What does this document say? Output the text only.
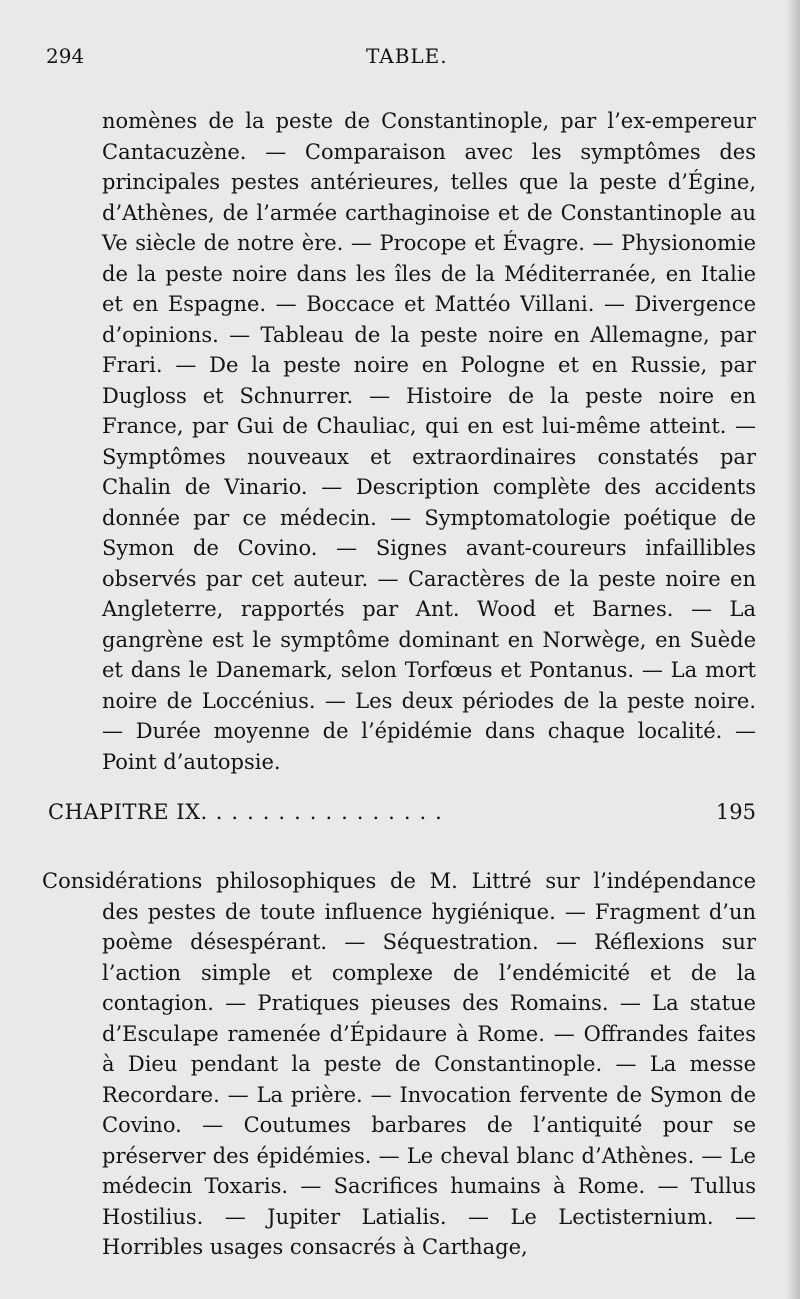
294	TABLE.

nomènes de la peste de Constantinople, par l’ex-empereur Cantacuzène. — Comparaison avec les symptômes des principales pestes antérieures, telles que la peste d’Égine, d’Athènes, de l’armée carthaginoise et de Constantinople au Ve siècle de notre ère. — Procope et Évagre. — Physionomie de la peste noire dans les îles de la Méditerranée, en Italie et en Espagne. — Boccace et Mattéo Villani. — Divergence d’opinions. — Tableau de la peste noire en Allemagne, par Frari. — De la peste noire en Pologne et en Russie, par Dugloss et Schnurrer. — Histoire de la peste noire en France, par Gui de Chauliac, qui en est lui-même atteint. — Symptômes nouveaux et extraordinaires constatés par Chalin de Vinario. — Description complète des accidents donnée par ce médecin. — Symptomatologie poétique de Symon de Covino. — Signes avant-coureurs infaillibles observés par cet auteur. — Caractères de la peste noire en Angleterre, rapportés par Ant. Wood et Barnes. — La gangrène est le symptôme dominant en Norwège, en Suède et dans le Danemark, selon Torfœus et Pontanus. — La mort noire de Loccénius. — Les deux périodes de la peste noire. — Durée moyenne de l’épidémie dans chaque localité. — Point d’autopsie.

CHAPITRE IX. ...............	195

Considérations philosophiques de M. Littré sur l’indépendance des pestes de toute influence hygiénique. — Fragment d’un poème désespérant. — Séquestration. — Réflexions sur l’action simple et complexe de l’endémicité et de la contagion. — Pratiques pieuses des Romains. — La statue d’Esculape ramenée d’Épidaure à Rome. — Offrandes faites à Dieu pendant la peste de Constantinople. — La messe Recordare. — La prière. — Invocation fervente de Symon de Covino. — Coutumes barbares de l’antiquité pour se préserver des épidémies. — Le cheval blanc d’Athènes. — Le médecin Toxaris. — Sacrifices humains à Rome. — Tullus Hostilius. — Jupiter Latialis. — Le Lectisternium. — Horribles usages consacrés à Carthage,
